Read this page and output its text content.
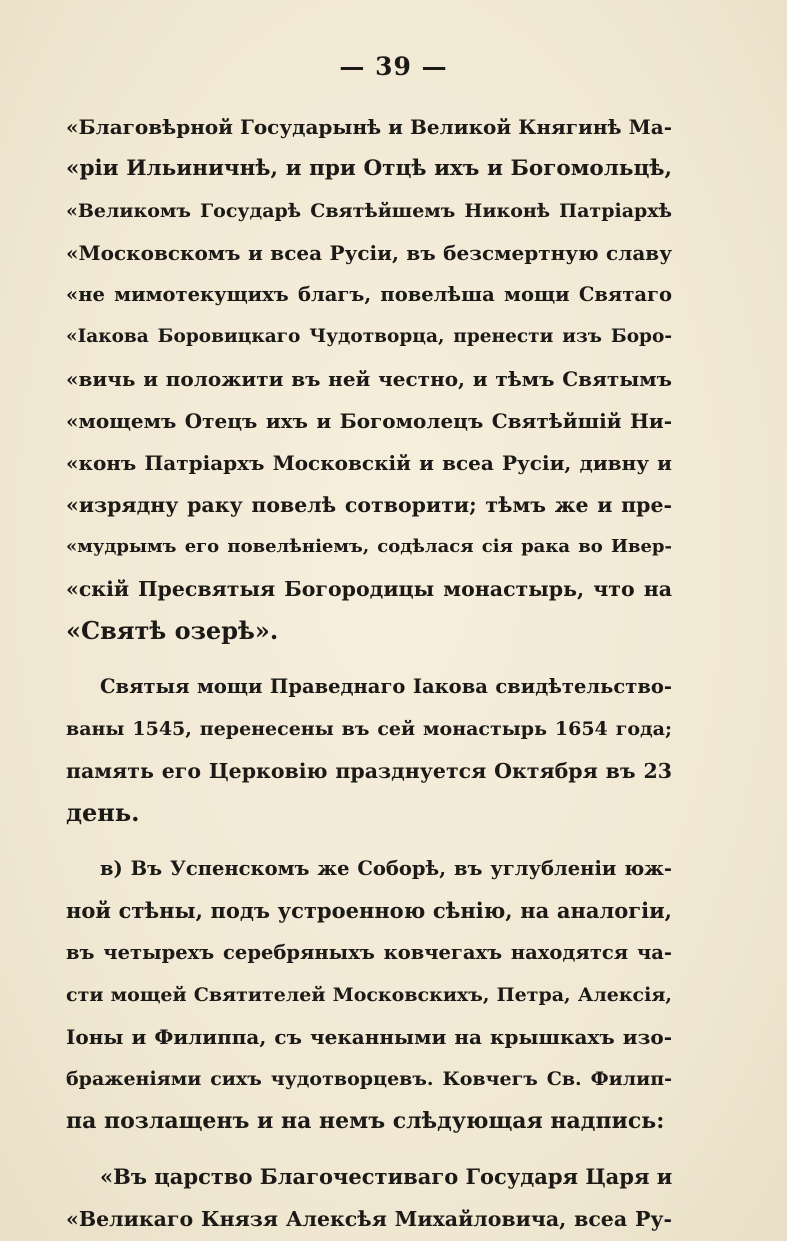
— 39 —
«Благовѣрной Государынѣ и Великой Княгинѣ Ма-
«ріи Ильиничнѣ, и при Отцѣ ихъ и Богомольцѣ,
«Великомъ Государѣ Святѣйшемъ Никонѣ Патріархѣ
«Московскомъ и всеа Русіи, въ безсмертную славу
«не мимотекущихъ благъ, повелѣша мощи Святаго
«Іакова Боровицкаго Чудотворца, пренести изъ Боро-
«вичь и положити въ ней честно, и тѣмъ Святымъ
«мощемъ Отецъ ихъ и Богомолецъ Святѣйшій Ни-
«конъ Патріархъ Московскій и всеа Русіи, дивну и
«изрядну раку повелѣ сотворити; тѣмъ же и пре-
«мудрымъ его повелѣніемъ, содѣлася сія рака во Ивер-
«скій Пресвятыя Богородицы монастырь, что на
«Святѣ озерѣ».
Святыя мощи Праведнаго Іакова свидѣтельство-
ваны 1545, перенесены въ сей монастырь 1654 года;
память его Церковію празднуется Октября въ 23
день.
в) Въ Успенскомъ же Соборѣ, въ углубленіи юж-
ной стѣны, подъ устроенною сѣнію, на аналогіи,
въ четырехъ серебряныхъ ковчегахъ находятся ча-
сти мощей Святителей Московскихъ, Петра, Алексія,
Іоны и Филиппа, съ чеканными на крышкахъ изо-
браженіями сихъ чудотворцевъ. Ковчегъ Св. Филип-
па позлащенъ и на немъ слѣдующая надпись:
«Въ царство Благочестиваго Государя Царя и
«Великаго Князя Алексѣя Михайловича, всеа Ру-
